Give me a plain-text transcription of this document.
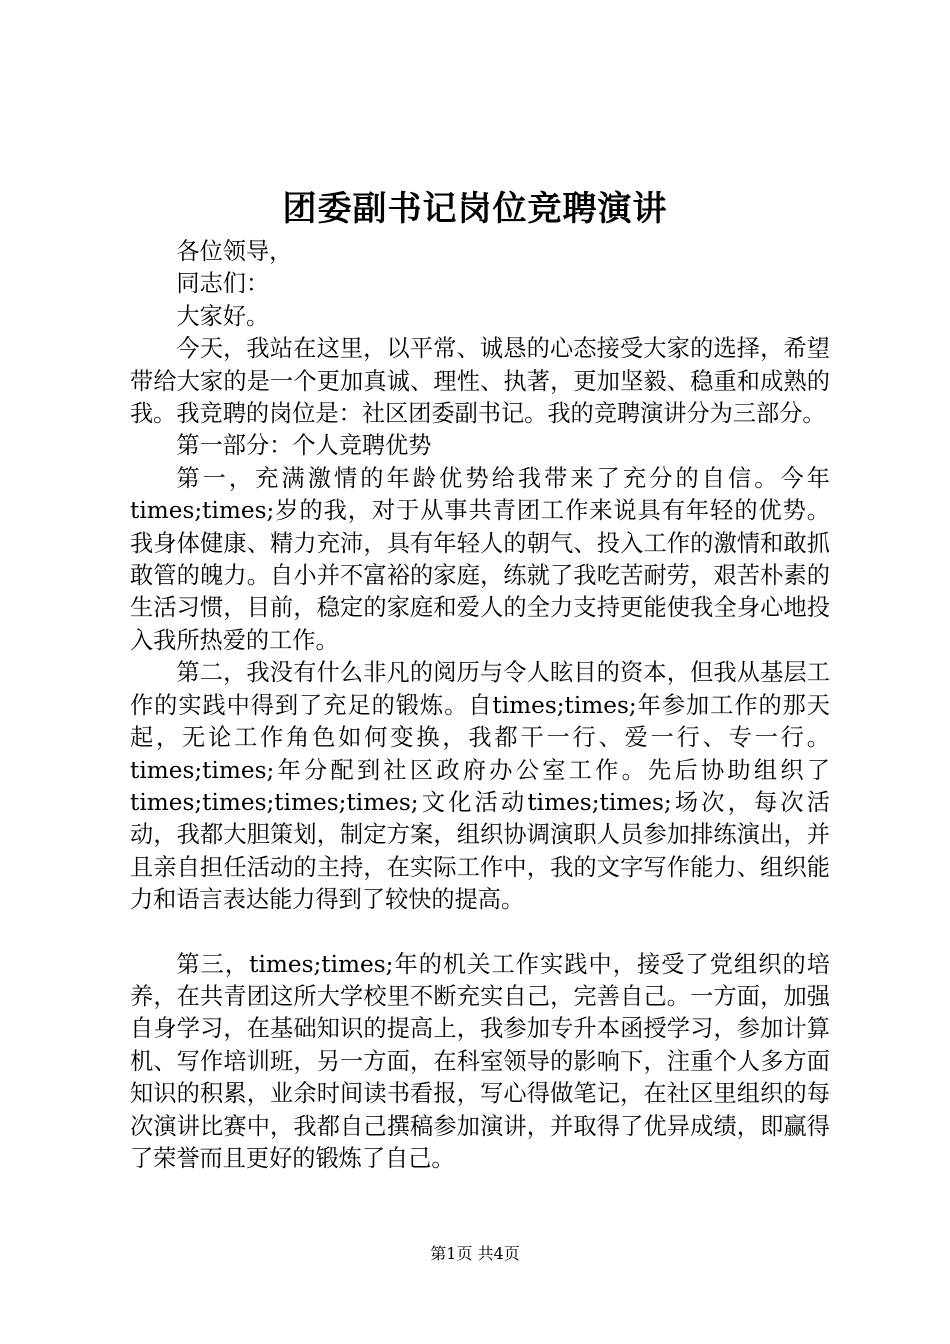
团委副书记岗位竞聘演讲

各位领导，

同志们：

大家好。

今天，我站在这里，以平常、诚恳的心态接受大家的选择，希望带给大家的是一个更加真诚、理性、执著，更加坚毅、稳重和成熟的我。我竞聘的岗位是：社区团委副书记。我的竞聘演讲分为三部分。

第一部分：个人竞聘优势

第一，充满激情的年龄优势给我带来了充分的自信。今年times;times;岁的我，对于从事共青团工作来说具有年轻的优势。我身体健康、精力充沛，具有年轻人的朝气、投入工作的激情和敢抓敢管的魄力。自小并不富裕的家庭，练就了我吃苦耐劳，艰苦朴素的生活习惯，目前，稳定的家庭和爱人的全力支持更能使我全身心地投入我所热爱的工作。

第二，我没有什么非凡的阅历与令人眩目的资本，但我从基层工作的实践中得到了充足的锻炼。自times;times;年参加工作的那天起，无论工作角色如何变换，我都干一行、爱一行、专一行。times;times;年分配到社区政府办公室工作。先后协助组织了times;times;times;times;文化活动times;times;场次，每次活动，我都大胆策划，制定方案，组织协调演职人员参加排练演出，并且亲自担任活动的主持，在实际工作中，我的文字写作能力、组织能力和语言表达能力得到了较快的提高。

第三，times;times;年的机关工作实践中，接受了党组织的培养，在共青团这所大学校里不断充实自己，完善自己。一方面，加强自身学习，在基础知识的提高上，我参加专升本函授学习，参加计算机、写作培训班，另一方面，在科室领导的影响下，注重个人多方面知识的积累，业余时间读书看报，写心得做笔记，在社区里组织的每次演讲比赛中，我都自己撰稿参加演讲，并取得了优异成绩，即赢得了荣誉而且更好的锻炼了自己。

第1页 共4页
